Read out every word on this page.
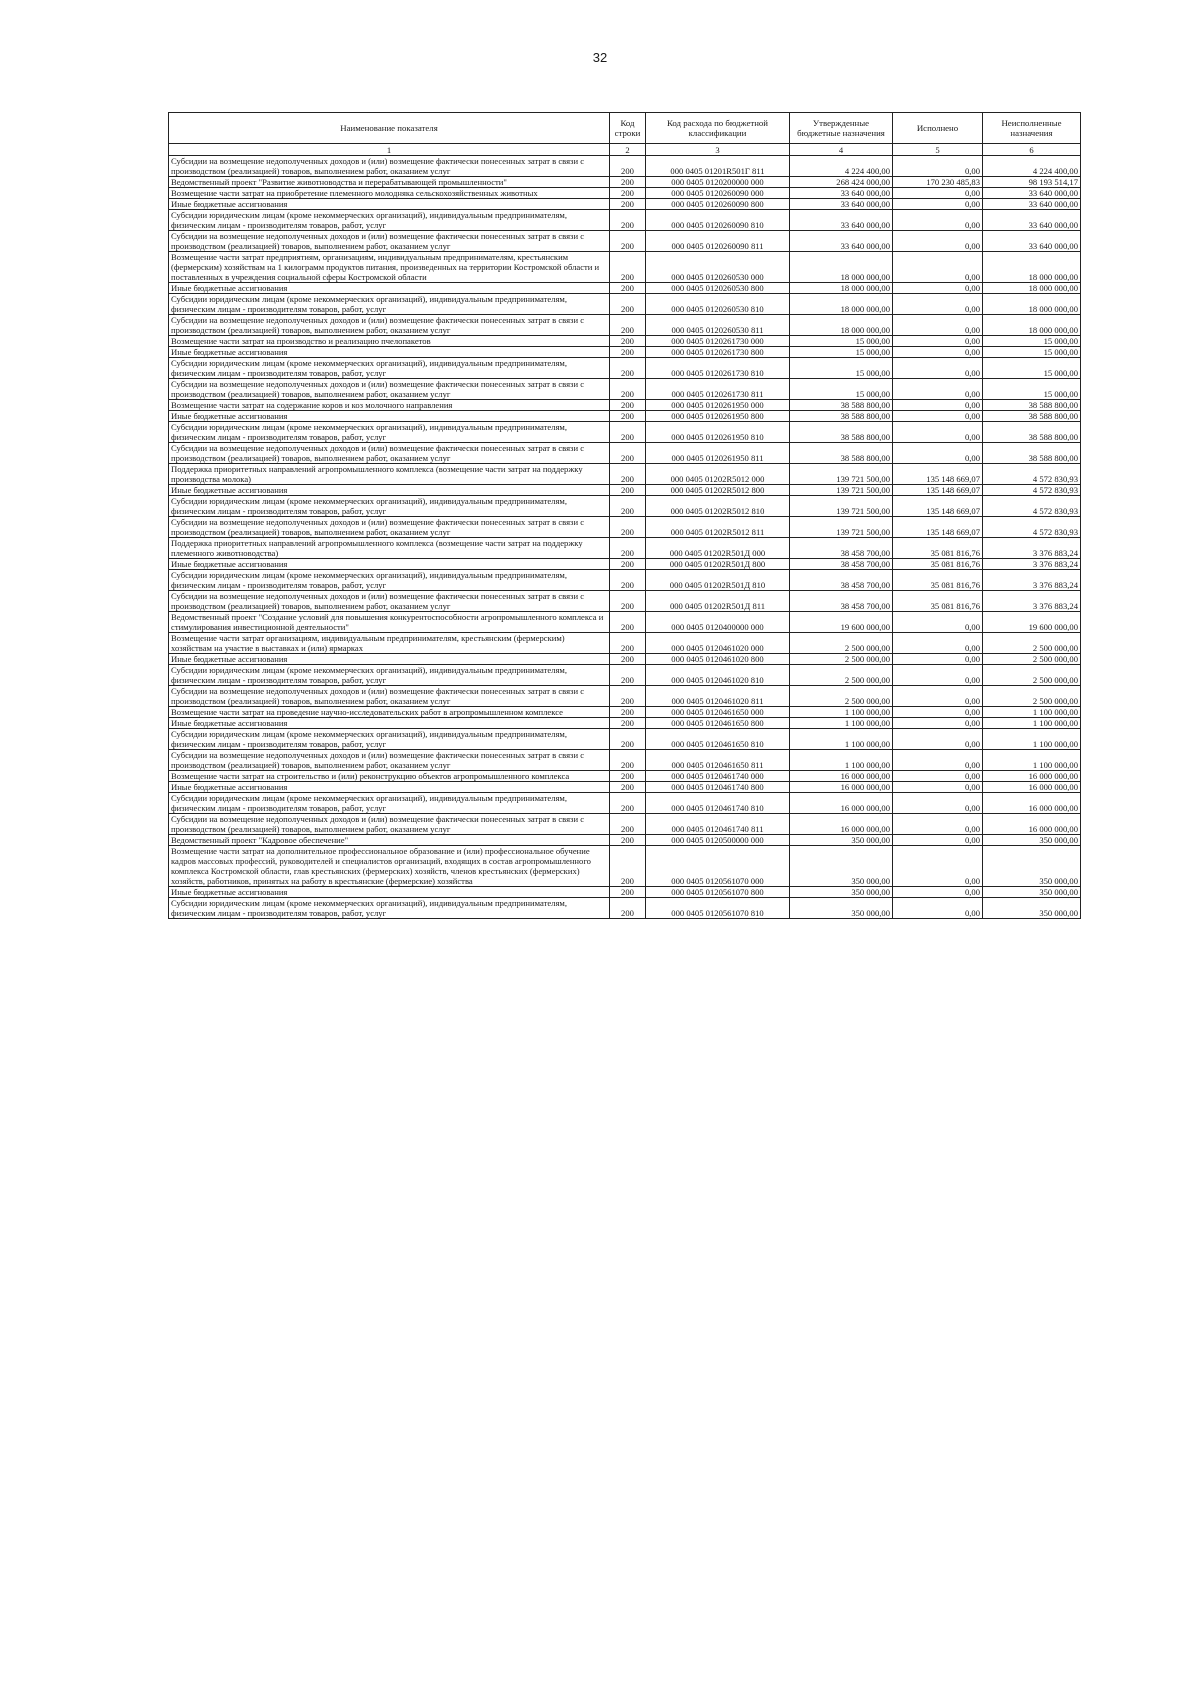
32
Наименование показателя	Код строки	Код расхода по бюджетной классификации	Утвержденные бюджетные назначения	Исполнено	Неисполненные назначения
1	2	3	4	5	6
Субсидии на возмещение недополученных доходов и (или) возмещение фактически понесенных затрат в связи с производством (реализацией) товаров, выполнением работ, оказанием услуг	200	000 0405 01201R501Г 811	4 224 400,00	0,00	4 224 400,00
Ведомственный проект "Развитие животноводства и перерабатывающей промышленности"	200	000 0405 0120200000 000	268 424 000,00	170 230 485,83	98 193 514,17
Возмещение части затрат на приобретение племенного молодняка сельскохозяйственных животных	200	000 0405 0120260090 000	33 640 000,00	0,00	33 640 000,00
Иные бюджетные ассигнования	200	000 0405 0120260090 800	33 640 000,00	0,00	33 640 000,00
Субсидии юридическим лицам (кроме некоммерческих организаций), индивидуальным предпринимателям, физическим лицам - производителям товаров, работ, услуг	200	000 0405 0120260090 810	33 640 000,00	0,00	33 640 000,00
Субсидии на возмещение недополученных доходов и (или) возмещение фактически понесенных затрат в связи с производством (реализацией) товаров, выполнением работ, оказанием услуг	200	000 0405 0120260090 811	33 640 000,00	0,00	33 640 000,00
Возмещение части затрат предприятиям, организациям, индивидуальным предпринимателям, крестьянским (фермерским) хозяйствам на 1 килограмм продуктов питания, произведенных на территории Костромской области и поставленных в учреждения социальной сферы Костромской области	200	000 0405 0120260530 000	18 000 000,00	0,00	18 000 000,00
Иные бюджетные ассигнования	200	000 0405 0120260530 800	18 000 000,00	0,00	18 000 000,00
Субсидии юридическим лицам (кроме некоммерческих организаций), индивидуальным предпринимателям, физическим лицам - производителям товаров, работ, услуг	200	000 0405 0120260530 810	18 000 000,00	0,00	18 000 000,00
Субсидии на возмещение недополученных доходов и (или) возмещение фактически понесенных затрат в связи с производством (реализацией) товаров, выполнением работ, оказанием услуг	200	000 0405 0120260530 811	18 000 000,00	0,00	18 000 000,00
Возмещение части затрат на производство и реализацию пчелопакетов	200	000 0405 0120261730 000	15 000,00	0,00	15 000,00
Иные бюджетные ассигнования	200	000 0405 0120261730 800	15 000,00	0,00	15 000,00
Субсидии юридическим лицам (кроме некоммерческих организаций), индивидуальным предпринимателям, физическим лицам - производителям товаров, работ, услуг	200	000 0405 0120261730 810	15 000,00	0,00	15 000,00
Субсидии на возмещение недополученных доходов и (или) возмещение фактически понесенных затрат в связи с производством (реализацией) товаров, выполнением работ, оказанием услуг	200	000 0405 0120261730 811	15 000,00	0,00	15 000,00
Возмещение части затрат на содержание коров и коз молочного направления	200	000 0405 0120261950 000	38 588 800,00	0,00	38 588 800,00
Иные бюджетные ассигнования	200	000 0405 0120261950 800	38 588 800,00	0,00	38 588 800,00
Субсидии юридическим лицам (кроме некоммерческих организаций), индивидуальным предпринимателям, физическим лицам - производителям товаров, работ, услуг	200	000 0405 0120261950 810	38 588 800,00	0,00	38 588 800,00
Субсидии на возмещение недополученных доходов и (или) возмещение фактически понесенных затрат в связи с производством (реализацией) товаров, выполнением работ, оказанием услуг	200	000 0405 0120261950 811	38 588 800,00	0,00	38 588 800,00
Поддержка приоритетных направлений агропромышленного комплекса (возмещение части затрат на поддержку производства молока)	200	000 0405 01202R5012 000	139 721 500,00	135 148 669,07	4 572 830,93
Иные бюджетные ассигнования	200	000 0405 01202R5012 800	139 721 500,00	135 148 669,07	4 572 830,93
Субсидии юридическим лицам (кроме некоммерческих организаций), индивидуальным предпринимателям, физическим лицам - производителям товаров, работ, услуг	200	000 0405 01202R5012 810	139 721 500,00	135 148 669,07	4 572 830,93
Субсидии на возмещение недополученных доходов и (или) возмещение фактически понесенных затрат в связи с производством (реализацией) товаров, выполнением работ, оказанием услуг	200	000 0405 01202R5012 811	139 721 500,00	135 148 669,07	4 572 830,93
Поддержка приоритетных направлений агропромышленного комплекса (возмещение части затрат на поддержку племенного животноводства)	200	000 0405 01202R501Д 000	38 458 700,00	35 081 816,76	3 376 883,24
Иные бюджетные ассигнования	200	000 0405 01202R501Д 800	38 458 700,00	35 081 816,76	3 376 883,24
Субсидии юридическим лицам (кроме некоммерческих организаций), индивидуальным предпринимателям, физическим лицам - производителям товаров, работ, услуг	200	000 0405 01202R501Д 810	38 458 700,00	35 081 816,76	3 376 883,24
Субсидии на возмещение недополученных доходов и (или) возмещение фактически понесенных затрат в связи с производством (реализацией) товаров, выполнением работ, оказанием услуг	200	000 0405 01202R501Д 811	38 458 700,00	35 081 816,76	3 376 883,24
Ведомственный проект "Создание условий для повышения конкурентоспособности агропромышленного комплекса и стимулирования инвестиционной деятельности"	200	000 0405 0120400000 000	19 600 000,00	0,00	19 600 000,00
Возмещение части затрат организациям, индивидуальным предпринимателям, крестьянским (фермерским) хозяйствам на участие в выставках и (или) ярмарках	200	000 0405 0120461020 000	2 500 000,00	0,00	2 500 000,00
Иные бюджетные ассигнования	200	000 0405 0120461020 800	2 500 000,00	0,00	2 500 000,00
Субсидии юридическим лицам (кроме некоммерческих организаций), индивидуальным предпринимателям, физическим лицам - производителям товаров, работ, услуг	200	000 0405 0120461020 810	2 500 000,00	0,00	2 500 000,00
Субсидии на возмещение недополученных доходов и (или) возмещение фактически понесенных затрат в связи с производством (реализацией) товаров, выполнением работ, оказанием услуг	200	000 0405 0120461020 811	2 500 000,00	0,00	2 500 000,00
Возмещение части затрат на проведение научно-исследовательских работ в агропромышленном комплексе	200	000 0405 0120461650 000	1 100 000,00	0,00	1 100 000,00
Иные бюджетные ассигнования	200	000 0405 0120461650 800	1 100 000,00	0,00	1 100 000,00
Субсидии юридическим лицам (кроме некоммерческих организаций), индивидуальным предпринимателям, физическим лицам - производителям товаров, работ, услуг	200	000 0405 0120461650 810	1 100 000,00	0,00	1 100 000,00
Субсидии на возмещение недополученных доходов и (или) возмещение фактически понесенных затрат в связи с производством (реализацией) товаров, выполнением работ, оказанием услуг	200	000 0405 0120461650 811	1 100 000,00	0,00	1 100 000,00
Возмещение части затрат на строительство и (или) реконструкцию объектов агропромышленного комплекса	200	000 0405 0120461740 000	16 000 000,00	0,00	16 000 000,00
Иные бюджетные ассигнования	200	000 0405 0120461740 800	16 000 000,00	0,00	16 000 000,00
Субсидии юридическим лицам (кроме некоммерческих организаций), индивидуальным предпринимателям, физическим лицам - производителям товаров, работ, услуг	200	000 0405 0120461740 810	16 000 000,00	0,00	16 000 000,00
Субсидии на возмещение недополученных доходов и (или) возмещение фактически понесенных затрат в связи с производством (реализацией) товаров, выполнением работ, оказанием услуг	200	000 0405 0120461740 811	16 000 000,00	0,00	16 000 000,00
Ведомственный проект "Кадровое обеспечение"	200	000 0405 0120500000 000	350 000,00	0,00	350 000,00
Возмещение части затрат на дополнительное профессиональное образование и (или) профессиональное обучение кадров массовых профессий, руководителей и специалистов организаций, входящих в состав агропромышленного комплекса Костромской области, глав крестьянских (фермерских) хозяйств, членов крестьянских (фермерских) хозяйств, работников, принятых на работу в крестьянские (фермерские) хозяйства	200	000 0405 0120561070 000	350 000,00	0,00	350 000,00
Иные бюджетные ассигнования	200	000 0405 0120561070 800	350 000,00	0,00	350 000,00
Субсидии юридическим лицам (кроме некоммерческих организаций), индивидуальным предпринимателям, физическим лицам - производителям товаров, работ, услуг	200	000 0405 0120561070 810	350 000,00	0,00	350 000,00
